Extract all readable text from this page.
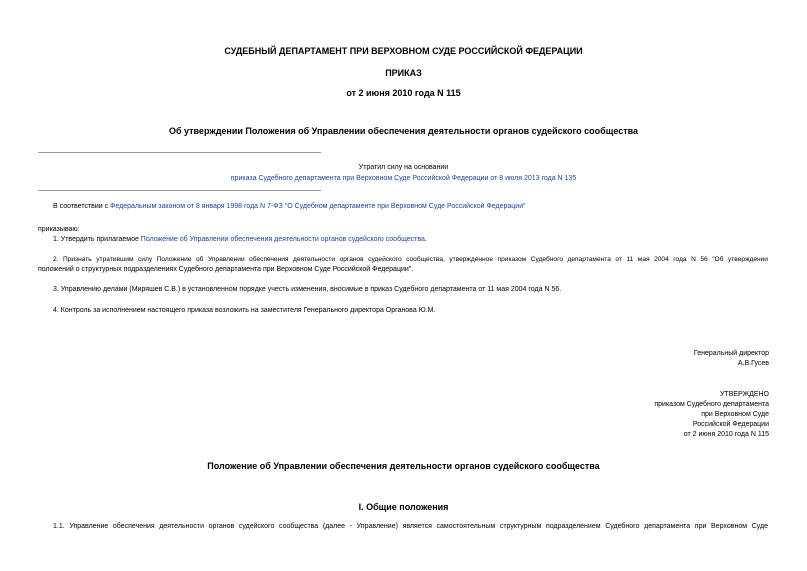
СУДЕБНЫЙ ДЕПАРТАМЕНТ ПРИ ВЕРХОВНОМ СУДЕ РОССИЙСКОЙ ФЕДЕРАЦИИ
ПРИКАЗ
от 2 июня 2010 года N 115
Об утверждении Положения об Управлении обеспечения деятельности органов судейского сообщества
Утратил силу на основании
приказа Судебного департамента при Верховном Суде Российской Федерации от 8 июля 2013 года N 135
В соответствии с Федеральным законом от 8 января 1998 года N 7-ФЗ "О Судебном департаменте при Верховном Суде Российской Федерации"
приказываю:
1. Утвердить прилагаемое Положение об Управлении обеспечения деятельности органов судейского сообщества.
2. Признать утратившим силу Положение об Управлении обеспечения деятельности органов судейского сообщества, утвержденное приказом Судебного департамента от 11 мая 2004 года N 56 "Об утверждении
положений о структурных подразделениях Судебного департамента при Верховном Суде Российской Федерации".
3. Управлению делами (Миряшев С.В.) в установленном порядке учесть изменения, вносимые в приказ Судебного департамента от 11 мая 2004 года N 56.
4. Контроль за исполнением настоящего приказа возложить на заместителя Генерального директора Органова Ю.М.
Генеральный директор
А.В.Гусев
УТВЕРЖДЕНО
приказом Судебного департамента
при Верховном Суде
Российской Федерации
от 2 июня 2010 года N 115
Положение об Управлении обеспечения деятельности органов судейского сообщества
I. Общие положения
1.1. Управление обеспечения деятельности органов судейского сообщества (далее - Управление) является самостоятельным структурным подразделением Судебного департамента при Верховном Суде
